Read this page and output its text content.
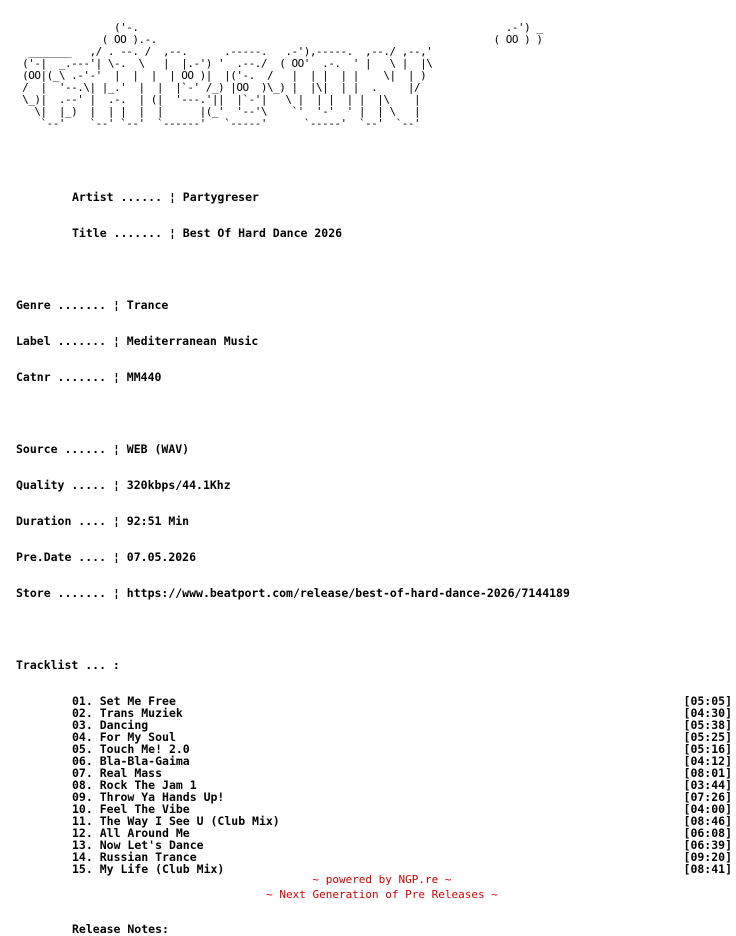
('-.                                                            .-') _
( OO ).-.                                                       ( OO ) )
_______   ,/ . --. /  ,--.      .-----.   .-'),-----.  ,--./ ,--,'
('-|  _.---'| \-.  \   |  |.-') '  .--./  ( OO'  .-.  ' |   \ |  |\
(OO|(_\ .-'-'  |  |  |  | OO )|  |('-.  /   |  | |  | |    \|  | )
/  |  '--.\| |_.'  |  |  |`-' /_) |OO  )\_) |  |\|  | |  .     |/
\_)|  .--' |  .-.  | (|  '---.'||  |`-'|   \ |  | |  | |  |\    |
\|  |_)  |  | |  |  |      |(_'  '--'\    `'  '-'  ' |  | \   |
`--'    `--' `--'  `------'   `-----'      `-----'  `--'  `--'

Artist ...... ¦ Partygreser

Title ....... ¦ Best Of Hard Dance 2026

Genre ....... ¦ Trance

Label ....... ¦ Mediterranean Music

Catnr ....... ¦ MM440

Source ...... ¦ WEB (WAV)

Quality ..... ¦ 320kbps/44.1Khz

Duration .... ¦ 92:51 Min

Pre.Date .... ¦ 07.05.2026

Store ....... ¦ https://www.beatport.com/release/best-of-hard-dance-2026/7144189

Tracklist ... :
01. Set Me Free	[05:05]
02. Trans Muziek	[04:30]
03. Dancing	[05:38]
04. For My Soul	[05:25]
05. Touch Me! 2.0	[05:16]
06. Bla-Bla-Gaima	[04:12]
07. Real Mass	[08:01]
08. Rock The Jam 1	[03:44]
09. Throw Ya Hands Up!	[07:26]
10. Feel The Vibe	[04:00]
11. The Way I See U (Club Mix)	[08:46]
12. All Around Me	[06:08]
13. Now Let's Dance	[06:39]
14. Russian Trance	[09:20]
15. My Life (Club Mix)	[08:41]
Release Notes:
~ powered by NGP.re ~
~ Next Generation of Pre Releases ~
